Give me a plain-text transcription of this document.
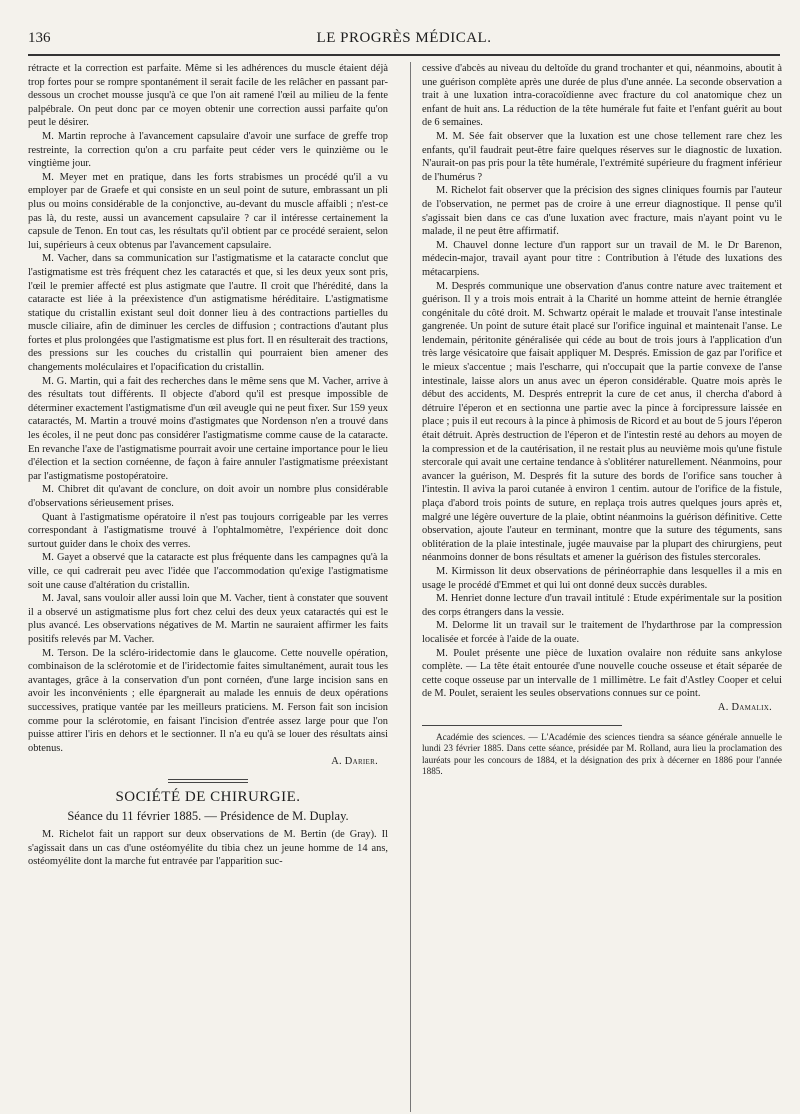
136	LE PROGRÈS MÉDICAL.

rétracte et la correction est parfaite. Même si les adhérences du muscle étaient déjà trop fortes pour se rompre spontanément il serait facile de les relâcher en passant par-dessous un crochet mousse jusqu'à ce que l'on ait ramené l'œil au milieu de la fente palpébrale. On peut donc par ce moyen obtenir une correction aussi parfaite qu'on peut le désirer.

M. Martin reproche à l'avancement capsulaire d'avoir une surface de greffe trop restreinte, la correction qu'on a cru parfaite peut céder vers le quinzième ou le vingtième jour.

M. Meyer met en pratique, dans les forts strabismes un procédé qu'il a vu employer par de Graefe et qui consiste en un seul point de suture, embrassant un pli plus ou moins considérable de la conjonctive, au-devant du muscle affaibli ; n'est-ce pas là, du reste, aussi un avancement capsulaire ? car il intéresse certainement la capsule de Tenon. En tout cas, les résultats qu'il obtient par ce procédé seraient, selon lui, supérieurs à ceux obtenus par l'avancement capsulaire.

M. Vacher, dans sa communication sur l'astigmatisme et la cataracte conclut que l'astigmatisme est très fréquent chez les cataractés et que, si les deux yeux sont pris, l'œil le premier affecté est plus astigmate que l'autre. Il croit que l'hérédité, dans la cataracte est liée à la préexistence d'un astigmatisme héréditaire. L'astigmatisme statique du cristallin existant seul doit donner lieu à des contractions partielles du muscle ciliaire, afin de diminuer les cercles de diffusion ; contractions d'autant plus fortes et plus prolongées que l'astigmatisme est plus fort. Il en résulterait des tractions, des pressions sur les couches du cristallin qui pourraient bien amener des changements moléculaires et l'opacification du cristallin.

M. G. Martin, qui a fait des recherches dans le même sens que M. Vacher, arrive à des résultats tout différents. Il objecte d'abord qu'il est presque impossible de déterminer exactement l'astigmatisme d'un œil aveugle qui ne peut fixer. Sur 159 yeux cataractés, M. Martin a trouvé moins d'astigmates que Nordenson n'en a trouvé dans les écoles, il ne peut donc pas considérer l'astigmatisme comme cause de la cataracte. En revanche l'axe de l'astigmatisme pourrait avoir une certaine importance pour le lieu d'élection et la section cornéenne, de façon à faire annuler l'astigmatisme préexistant par l'astigmatisme postopératoire.

M. Chibret dit qu'avant de conclure, on doit avoir un nombre plus considérable d'observations sérieusement prises.

Quant à l'astigmatisme opératoire il n'est pas toujours corrigeable par les verres correspondant à l'astigmatisme trouvé à l'ophtalmomètre, l'expérience doit donc surtout guider dans le choix des verres.

M. Gayet a observé que la cataracte est plus fréquente dans les campagnes qu'à la ville, ce qui cadrerait peu avec l'idée que l'accommodation qu'exige l'astigmatisme soit une cause d'altération du cristallin.

M. Javal, sans vouloir aller aussi loin que M. Vacher, tient à constater que souvent il a observé un astigmatisme plus fort chez celui des deux yeux cataractés qui est le plus avancé. Les observations négatives de M. Martin ne sauraient affirmer les faits positifs relevés par M. Vacher.

M. Terson. De la scléro-iridectomie dans le glaucome. Cette nouvelle opération, combinaison de la sclérotomie et de l'iridectomie faites simultanément, aurait tous les avantages, grâce à la conservation d'un pont cornéen, d'une large incision sans en avoir les inconvénients ; elle épargnerait au malade les ennuis de deux opérations successives, pratique vantée par les meilleurs praticiens. M. Ferson fait son incision comme pour la sclérotomie, en faisant l'incision d'entrée assez large pour que l'on puisse attirer l'iris en dehors et le sectionner. Il n'a eu qu'à se louer des résultats ainsi obtenus.

A. Darier.

SOCIÉTÉ DE CHIRURGIE.
Séance du 11 février 1885. — Présidence de M. Duplay.

M. Richelot fait un rapport sur deux observations de M. Bertin (de Gray). Il s'agissait dans un cas d'une ostéomyélite du tibia chez un jeune homme de 14 ans, ostéomyélite dont la marche fut entravée par l'apparition suc-

cessive d'abcès au niveau du deltoïde du grand trochanter et qui, néanmoins, aboutit à une guérison complète après une durée de plus d'une année. La seconde observation a trait à une luxation intra-coracoïdienne avec fracture du col anatomique chez un enfant de huit ans. La réduction de la tête humérale fut faite et l'enfant guérit au bout de 6 semaines.

M. M. Sée fait observer que la luxation est une chose tellement rare chez les enfants, qu'il faudrait peut-être faire quelques réserves sur le diagnostic de luxation. N'aurait-on pas pris pour la tête humérale, l'extrémité supérieure du fragment inférieur de l'humérus ?

M. Richelot fait observer que la précision des signes cliniques fournis par l'auteur de l'observation, ne permet pas de croire à une erreur diagnostique. Il pense qu'il s'agissait bien dans ce cas d'une luxation avec fracture, mais n'ayant point vu le malade, il ne peut être affirmatif.

M. Chauvel donne lecture d'un rapport sur un travail de M. le Dr Barenon, médecin-major, travail ayant pour titre : Contribution à l'étude des luxations des métacarpiens.

M. Després communique une observation d'anus contre nature avec traitement et guérison. Il y a trois mois entrait à la Charité un homme atteint de hernie étranglée congénitale du côté droit. M. Schwartz opérait le malade et trouvait l'anse intestinale gangrenée. Un point de suture était placé sur l'orifice inguinal et maintenait l'anse. Le lendemain, péritonite généralisée qui céde au bout de trois jours à l'application d'un très large vésicatoire que faisait appliquer M. Després. Emission de gaz par l'orifice et le mieux s'accentue ; mais l'escharre, qui n'occupait que la partie convexe de l'anse intestinale, laisse alors un anus avec un éperon considérable. Quatre mois après le début des accidents, M. Després entreprit la cure de cet anus, il chercha d'abord à détruire l'éperon et en sectionna une partie avec la pince à forcipressure laissée en place ; puis il eut recours à la pince à phimosis de Ricord et au bout de 5 jours l'éperon était détruit. Après destruction de l'éperon et de l'intestin resté au dehors au moyen de la compression et de la cautérisation, il ne restait plus au neuvième mois qu'une fistule stercorale qui avait une certaine tendance à s'oblitérer naturellement. Néanmoins, pour avancer la guérison, M. Després fit la suture des bords de l'orifice sans toucher à l'intestin. Il aviva la paroi cutanée à environ 1 centim. autour de l'orifice de la fistule, plaça d'abord trois points de suture, en replaça trois autres quelques jours après et, malgré une légère ouverture de la plaie, obtint néanmoins la guérison définitive. Cette observation, ajoute l'auteur en terminant, montre que la suture des téguments, sans oblitération de la plaie intestinale, jugée mauvaise par la plupart des chirurgiens, peut néanmoins donner de bons résultats et amener la guérison des fistules stercorales.

M. Kirmisson lit deux observations de périnéorraphie dans lesquelles il a mis en usage le procédé d'Emmet et qui lui ont donné deux succès durables.

M. Henriet donne lecture d'un travail intitulé : Etude expérimentale sur la position des corps étrangers dans la vessie.

M. Delorme lit un travail sur le traitement de l'hydarthrose par la compression localisée et forcée à l'aide de la ouate.

M. Poulet présente une pièce de luxation ovalaire non réduite sans ankylose complète. — La tête était entourée d'une nouvelle couche osseuse et était séparée de cette coque osseuse par un intervalle de 1 millimètre. Le fait d'Astley Cooper et celui de M. Poulet, seraient les seules observations connues sur ce point.

A. Damalix.

Académie des sciences. — L'Académie des sciences tiendra sa séance générale annuelle le lundi 23 février 1885. Dans cette séance, présidée par M. Rolland, aura lieu la proclamation des lauréats pour les concours de 1884, et la désignation des prix à décerner en 1886 pour l'année 1885.
